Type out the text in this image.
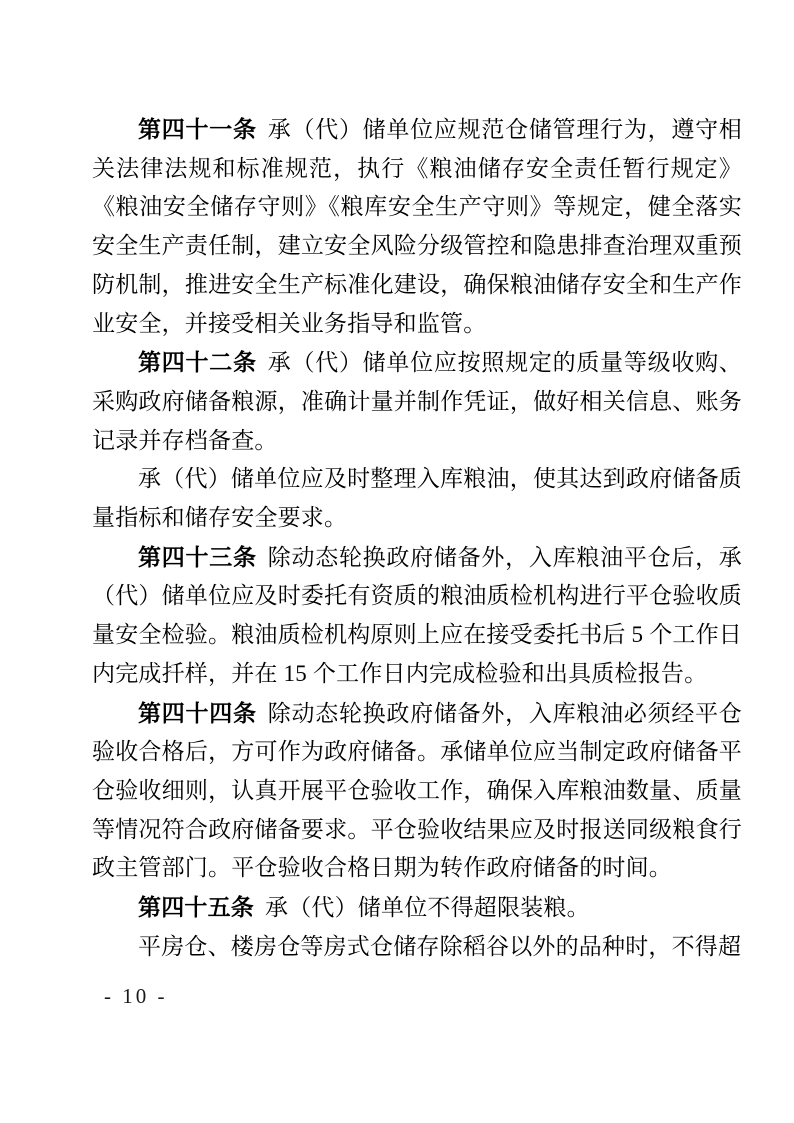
第四十一条 承（代）储单位应规范仓储管理行为，遵守相关法律法规和标准规范，执行《粮油储存安全责任暂行规定》《粮油安全储存守则》《粮库安全生产守则》等规定，健全落实安全生产责任制，建立安全风险分级管控和隐患排查治理双重预防机制，推进安全生产标准化建设，确保粮油储存安全和生产作业安全，并接受相关业务指导和监管。
第四十二条 承（代）储单位应按照规定的质量等级收购、采购政府储备粮源，准确计量并制作凭证，做好相关信息、账务记录并存档备查。
承（代）储单位应及时整理入库粮油，使其达到政府储备质量指标和储存安全要求。
第四十三条 除动态轮换政府储备外，入库粮油平仓后，承（代）储单位应及时委托有资质的粮油质检机构进行平仓验收质量安全检验。粮油质检机构原则上应在接受委托书后 5 个工作日内完成扦样，并在 15 个工作日内完成检验和出具质检报告。
第四十四条 除动态轮换政府储备外，入库粮油必须经平仓验收合格后，方可作为政府储备。承储单位应当制定政府储备平仓验收细则，认真开展平仓验收工作，确保入库粮油数量、质量等情况符合政府储备要求。平仓验收结果应及时报送同级粮食行政主管部门。平仓验收合格日期为转作政府储备的时间。
第四十五条 承（代）储单位不得超限装粮。
平房仓、楼房仓等房式仓储存除稻谷以外的品种时，不得超
- 10 -
